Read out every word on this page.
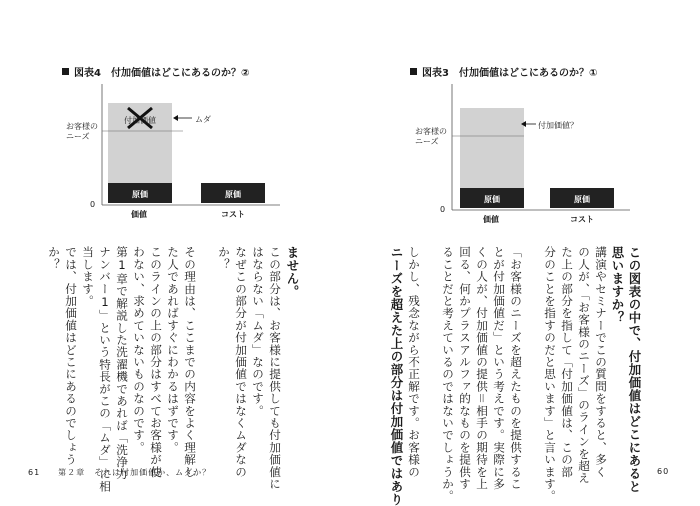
図表4　付加価値はどこにあるのか？②
付加価値	ムダ
お客様の
ニーズ
0
原価	原価
価値	コスト
図表3　付加価値はどこにあるのか？①
付加価値？
お客様の
ニーズ
0
原価	原価
価値	コスト
ません。
この部分は、お客様に提供しても付加価値に
はならない「ムダ」なのです。
なぜこの部分が付加価値ではなくムダなの
か？
その理由は、ここまでの内容をよく理解し
た人であればすぐにわかるはずです。
このラインの上の部分はすべてお客様が使
わない、求めていないものなのです。
第1章で解説した洗濯機であれば「洗浄力
ナンバー1」という特長がこの「ムダ」に相
当します。
では、付加価値はどこにあるのでしょう
か？	この図表の中で、付加価値はどこにあると
思いますか？
講演やセミナーでこの質問をすると、多く
の人が、「お客様のニーズ」のラインを超え
た上の部分を指して「付加価値は、この部
分のことを指すのだと思います」と言います。
「お客様のニーズを超えたものを提供するこ
とが付加価値だ」という考えです。実際に多
くの人が、付加価値の提供＝相手の期待を上
回る、何かプラスアルファ的なものを提供す
ることだと考えているのではないでしょうか。
しかし、残念ながら不正解です。お客様の
ニーズを超えた上の部分は付加価値ではあり
61　　第２章　それは付加価値か、ムダか？	60
